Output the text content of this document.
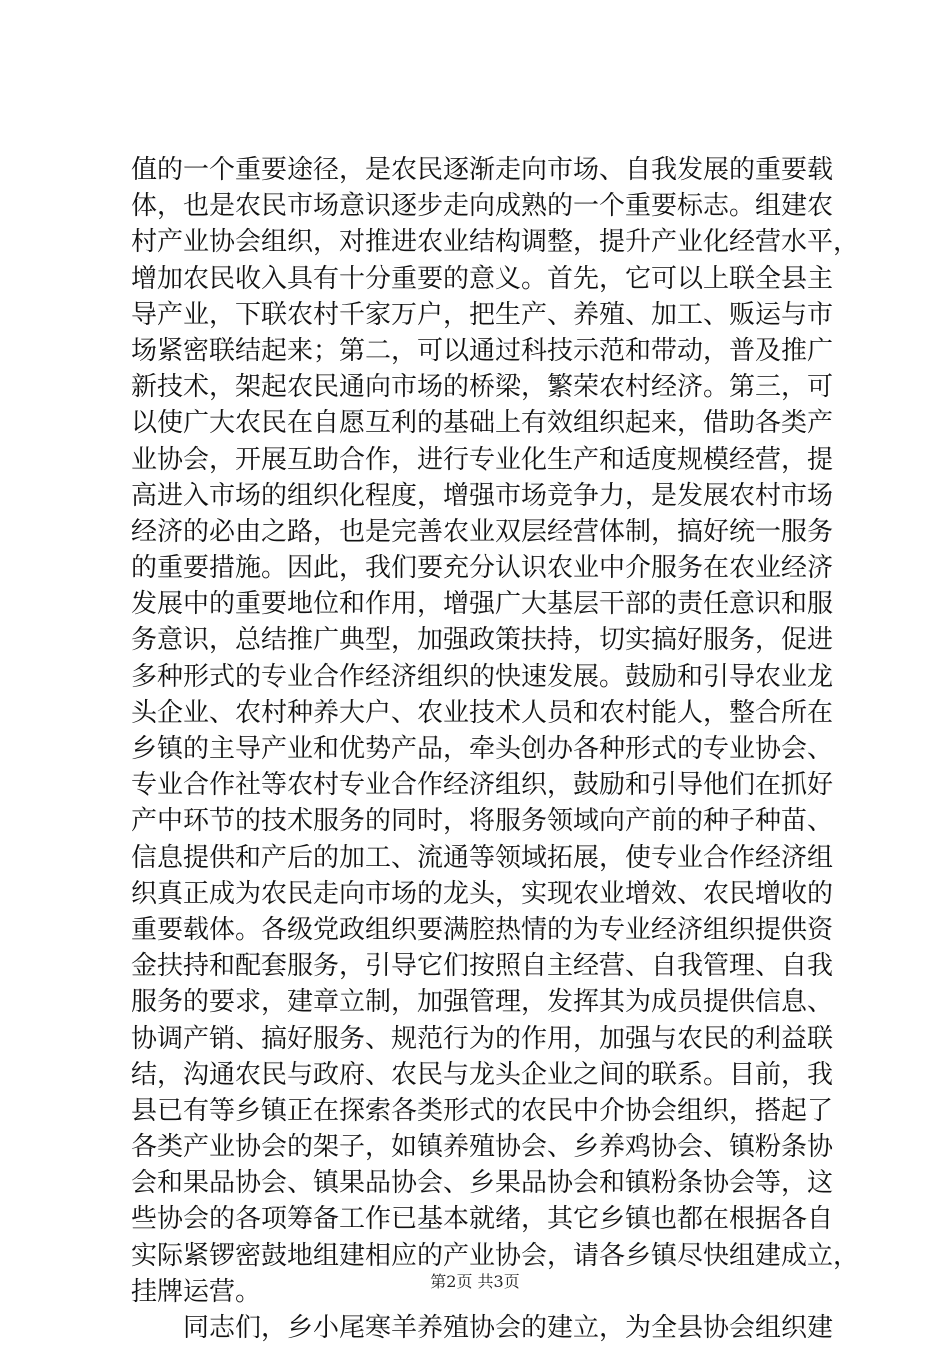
值的一个重要途径，是农民逐渐走向市场、自我发展的重要载
体，也是农民市场意识逐步走向成熟的一个重要标志。组建农
村产业协会组织，对推进农业结构调整，提升产业化经营水平，
增加农民收入具有十分重要的意义。首先，它可以上联全县主
导产业，下联农村千家万户，把生产、养殖、加工、贩运与市
场紧密联结起来；第二，可以通过科技示范和带动，普及推广
新技术，架起农民通向市场的桥梁，繁荣农村经济。第三，可
以使广大农民在自愿互利的基础上有效组织起来，借助各类产
业协会，开展互助合作，进行专业化生产和适度规模经营，提
高进入市场的组织化程度，增强市场竞争力，是发展农村市场
经济的必由之路，也是完善农业双层经营体制，搞好统一服务
的重要措施。因此，我们要充分认识农业中介服务在农业经济
发展中的重要地位和作用，增强广大基层干部的责任意识和服
务意识，总结推广典型，加强政策扶持，切实搞好服务，促进
多种形式的专业合作经济组织的快速发展。鼓励和引导农业龙
头企业、农村种养大户、农业技术人员和农村能人，整合所在
乡镇的主导产业和优势产品，牵头创办各种形式的专业协会、
专业合作社等农村专业合作经济组织，鼓励和引导他们在抓好
产中环节的技术服务的同时，将服务领域向产前的种子种苗、
信息提供和产后的加工、流通等领域拓展，使专业合作经济组
织真正成为农民走向市场的龙头，实现农业增效、农民增收的
重要载体。各级党政组织要满腔热情的为专业经济组织提供资
金扶持和配套服务，引导它们按照自主经营、自我管理、自我
服务的要求，建章立制，加强管理，发挥其为成员提供信息、
协调产销、搞好服务、规范行为的作用，加强与农民的利益联
结，沟通农民与政府、农民与龙头企业之间的联系。目前，我
县已有等乡镇正在探索各类形式的农民中介协会组织，搭起了
各类产业协会的架子，如镇养殖协会、乡养鸡协会、镇粉条协
会和果品协会、镇果品协会、乡果品协会和镇粉条协会等，这
些协会的各项筹备工作已基本就绪，其它乡镇也都在根据各自
实际紧锣密鼓地组建相应的产业协会，请各乡镇尽快组建成立，
挂牌运营。
同志们，乡小尾寒羊养殖协会的建立，为全县协会组织建
第2页 共3页
